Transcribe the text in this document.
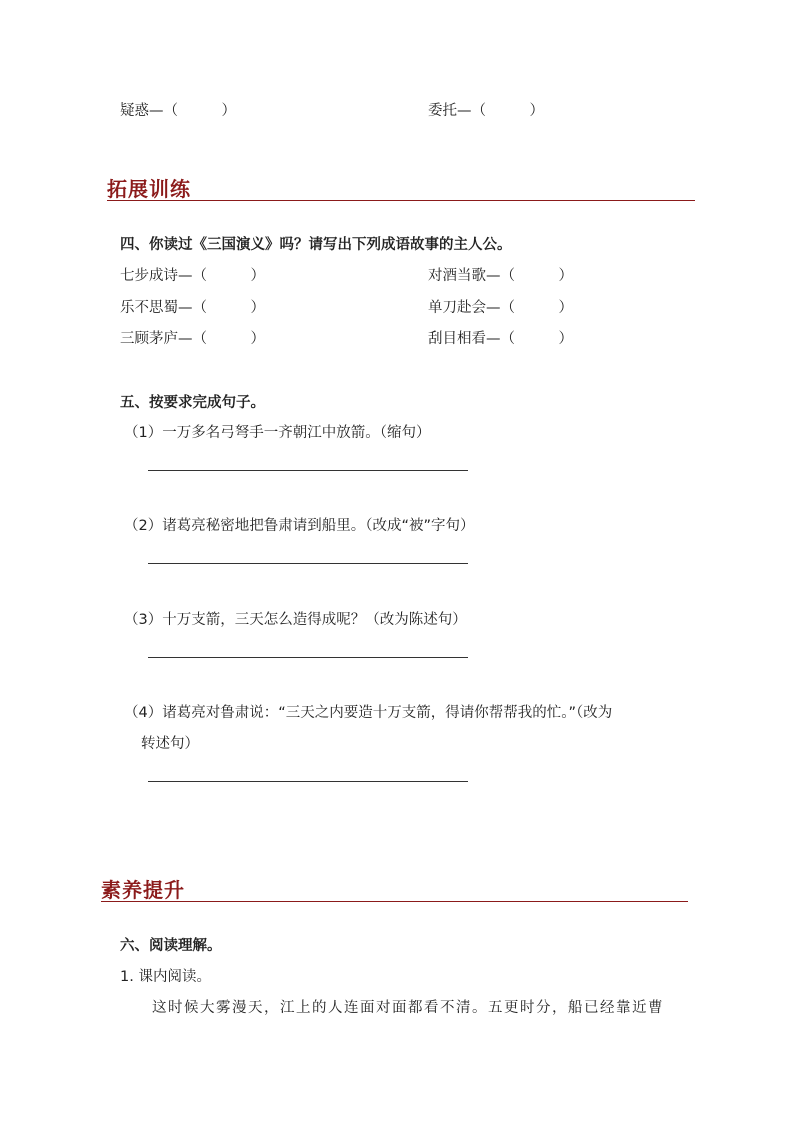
疑惑—（　　　）	委托—（　　　）
拓展训练
四、你读过《三国演义》吗？请写出下列成语故事的主人公。
七步成诗—（　　　）	对酒当歌—（　　　）
乐不思蜀—（　　　）	单刀赴会—（　　　）
三顾茅庐—（　　　）	刮目相看—（　　　）
五、按要求完成句子。
（1）一万多名弓弩手一齐朝江中放箭。（缩句）
（2）诸葛亮秘密地把鲁肃请到船里。（改成“被”字句）
（3）十万支箭，三天怎么造得成呢？（改为陈述句）
（4）诸葛亮对鲁肃说：“三天之内要造十万支箭，得请你帮帮我的忙。”（改为
转述句）
素养提升
六、阅读理解。
1. 课内阅读。
这时候大雾漫天，江上的人连面对面都看不清。五更时分，船已经靠近曹
